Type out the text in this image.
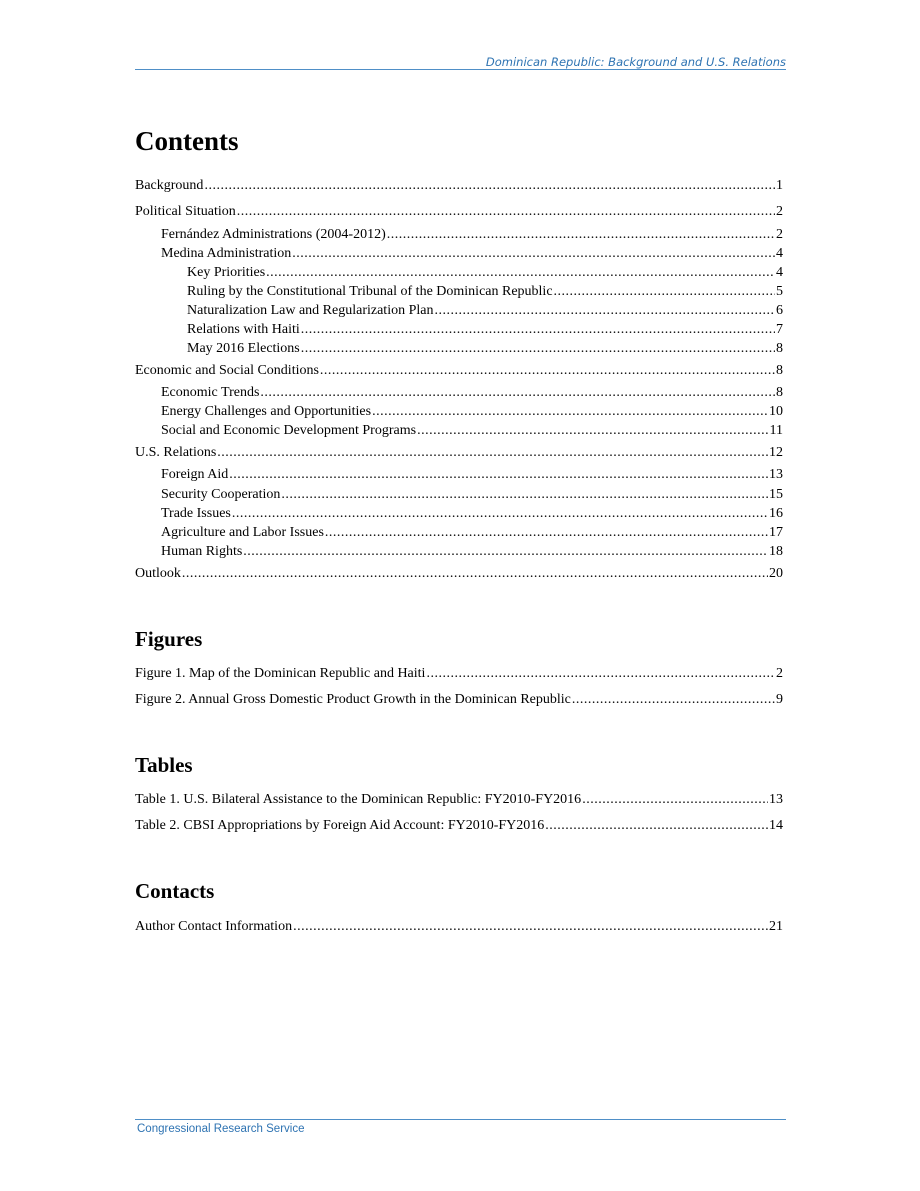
Dominican Republic: Background and U.S. Relations
Contents
Background .....	1
Political Situation .....	2
Fernández Administrations (2004-2012) .....	2
Medina Administration .....	4
Key Priorities .....	4
Ruling by the Constitutional Tribunal of the Dominican Republic .....	5
Naturalization Law and Regularization Plan .....	6
Relations with Haiti .....	7
May 2016 Elections .....	8
Economic and Social Conditions .....	8
Economic Trends .....	8
Energy Challenges and Opportunities .....	10
Social and Economic Development Programs .....	11
U.S. Relations .....	12
Foreign Aid .....	13
Security Cooperation .....	15
Trade Issues .....	16
Agriculture and Labor Issues .....	17
Human Rights .....	18
Outlook .....	20
Figures
Figure 1. Map of the Dominican Republic and Haiti .....	2
Figure 2. Annual Gross Domestic Product Growth in the Dominican Republic .....	9
Tables
Table 1. U.S. Bilateral Assistance to the Dominican Republic: FY2010-FY2016 .....	13
Table 2. CBSI Appropriations by Foreign Aid Account: FY2010-FY2016 .....	14
Contacts
Author Contact Information .....	21
Congressional Research Service
